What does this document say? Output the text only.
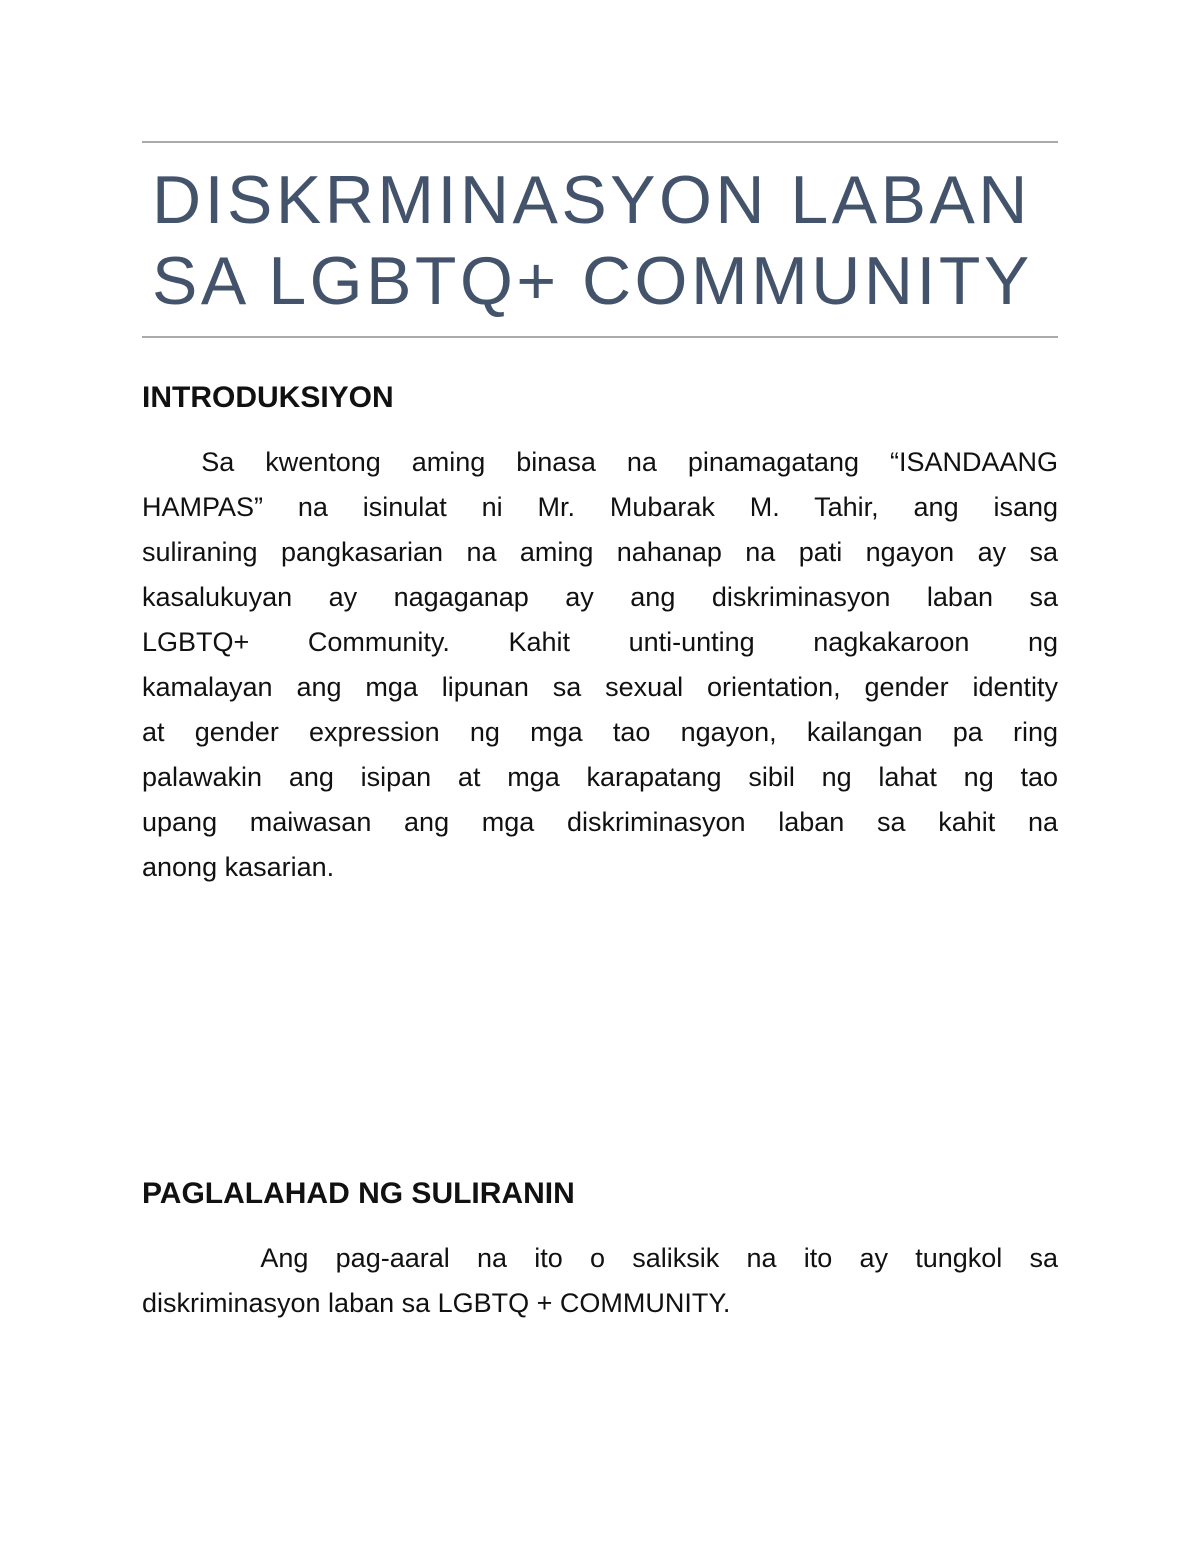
DISKRMINASYON LABAN
SA LGBTQ+ COMMUNITY
INTRODUKSIYON
Sa kwentong aming binasa na pinamagatang “ISANDAANG
HAMPAS” na isinulat ni Mr. Mubarak M. Tahir, ang isang
suliraning pangkasarian na aming nahanap na pati ngayon ay sa
kasalukuyan ay nagaganap ay ang diskriminasyon laban sa
LGBTQ+ Community. Kahit unti-unting nagkakaroon ng
kamalayan ang mga lipunan sa sexual orientation, gender identity
at gender expression ng mga tao ngayon, kailangan pa ring
palawakin ang isipan at mga karapatang sibil ng lahat ng tao
upang maiwasan ang mga diskriminasyon laban sa kahit na
anong kasarian.
PAGLALAHAD NG SULIRANIN
Ang pag-aaral na ito o saliksik na ito ay tungkol sa
diskriminasyon laban sa LGBTQ + COMMUNITY.
